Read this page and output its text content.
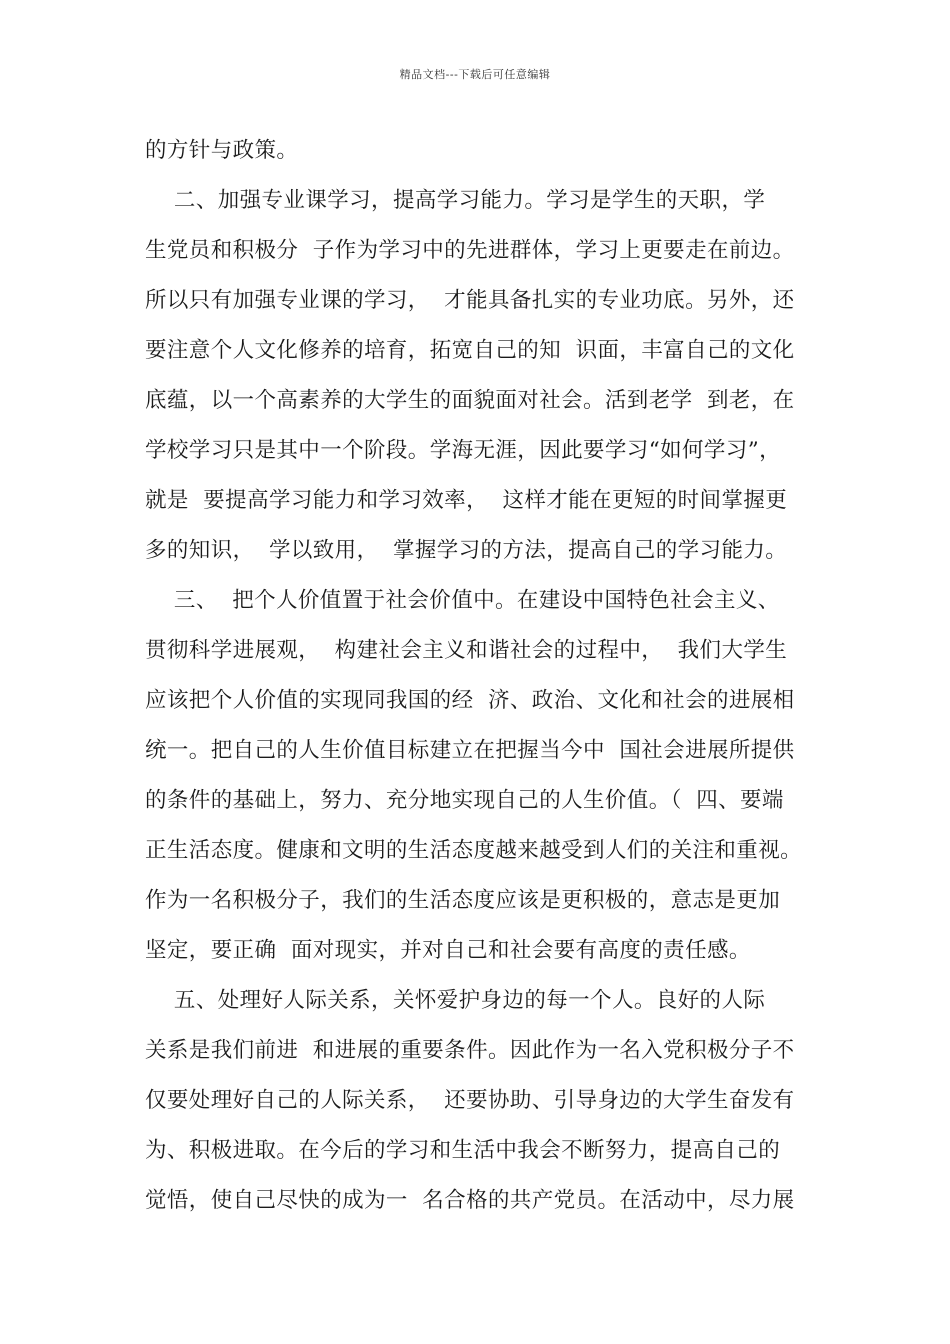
精品文档---下载后可任意编辑
的方针与政策。
二、加强专业课学习，提高学习能力。学习是学生的天职，学
生党员和积极分  子作为学习中的先进群体，学习上更要走在前边。
所以只有加强专业课的学习，  才能具备扎实的专业功底。另外，还
要注意个人文化修养的培育，拓宽自己的知  识面，丰富自己的文化
底蕴，以一个高素养的大学生的面貌面对社会。活到老学  到老，在
学校学习只是其中一个阶段。学海无涯，因此要学习“如何学习”，
就是  要提高学习能力和学习效率，  这样才能在更短的时间掌握更
多的知识，  学以致用，  掌握学习的方法，提高自己的学习能力。
三、  把个人价值置于社会价值中。在建设中国特色社会主义、
贯彻科学进展观，  构建社会主义和谐社会的过程中，  我们大学生
应该把个人价值的实现同我国的经  济、政治、文化和社会的进展相
统一。把自己的人生价值目标建立在把握当今中  国社会进展所提供
的条件的基础上，努力、充分地实现自己的人生价值。（  四、要端
正生活态度。健康和文明的生活态度越来越受到人们的关注和重视。
作为一名积极分子，我们的生活态度应该是更积极的，意志是更加
坚定，要正确  面对现实，并对自己和社会要有高度的责任感。
五、处理好人际关系，关怀爱护身边的每一个人。良好的人际
关系是我们前进  和进展的重要条件。因此作为一名入党积极分子不
仅要处理好自己的人际关系，  还要协助、引导身边的大学生奋发有
为、积极进取。在今后的学习和生活中我会不断努力，提高自己的
觉悟，使自己尽快的成为一  名合格的共产党员。在活动中，尽力展
